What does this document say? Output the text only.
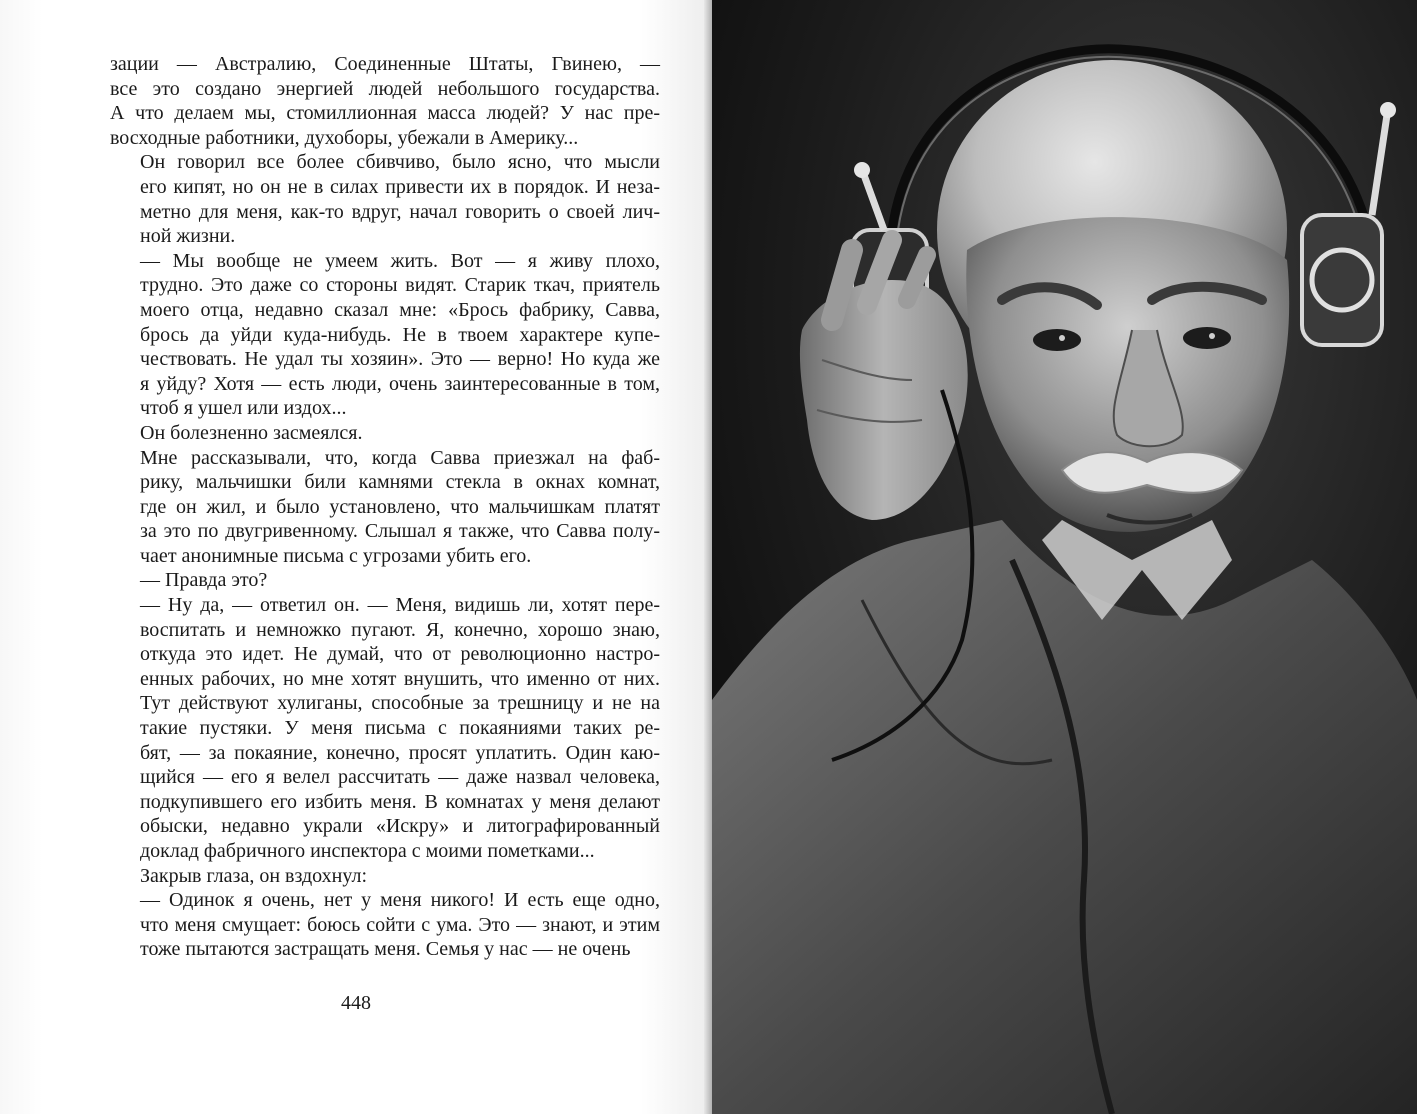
зации — Австралию, Соединенные Штаты, Гвинею, —
все это создано энергией людей небольшого государства.
А что делаем мы, стомиллионная масса людей? У нас пре-
восходные работники, духоборы, убежали в Америку...
Он говорил все более сбивчиво, было ясно, что мысли
его кипят, но он не в силах привести их в порядок. И неза-
метно для меня, как-то вдруг, начал говорить о своей лич-
ной жизни.
— Мы вообще не умеем жить. Вот — я живу плохо,
трудно. Это даже со стороны видят. Старик ткач, приятель
моего отца, недавно сказал мне: «Брось фабрику, Савва,
брось да уйди куда-нибудь. Не в твоем характере купе-
чествовать. Не удал ты хозяин». Это — верно! Но куда же
я уйду? Хотя — есть люди, очень заинтересованные в том,
чтоб я ушел или издох...
Он болезненно засмеялся.
Мне рассказывали, что, когда Савва приезжал на фаб-
рику, мальчишки били камнями стекла в окнах комнат,
где он жил, и было установлено, что мальчишкам платят
за это по двугривенному. Слышал я также, что Савва полу-
чает анонимные письма с угрозами убить его.
— Правда это?
— Ну да, — ответил он. — Меня, видишь ли, хотят пере-
воспитать и немножко пугают. Я, конечно, хорошо знаю,
откуда это идет. Не думай, что от революционно настро-
енных рабочих, но мне хотят внушить, что именно от них.
Тут действуют хулиганы, способные за трешницу и не на
такие пустяки. У меня письма с покаяниями таких ре-
бят, — за покаяние, конечно, просят уплатить. Один каю-
щийся — его я велел рассчитать — даже назвал человека,
подкупившего его избить меня. В комнатах у меня делают
обыски, недавно украли «Искру» и литографированный
доклад фабричного инспектора с моими пометками...
Закрыв глаза, он вздохнул:
— Одинок я очень, нет у меня никого! И есть еще одно,
что меня смущает: боюсь сойти с ума. Это — знают, и этим
тоже пытаются застращать меня. Семья у нас — не очень
448
